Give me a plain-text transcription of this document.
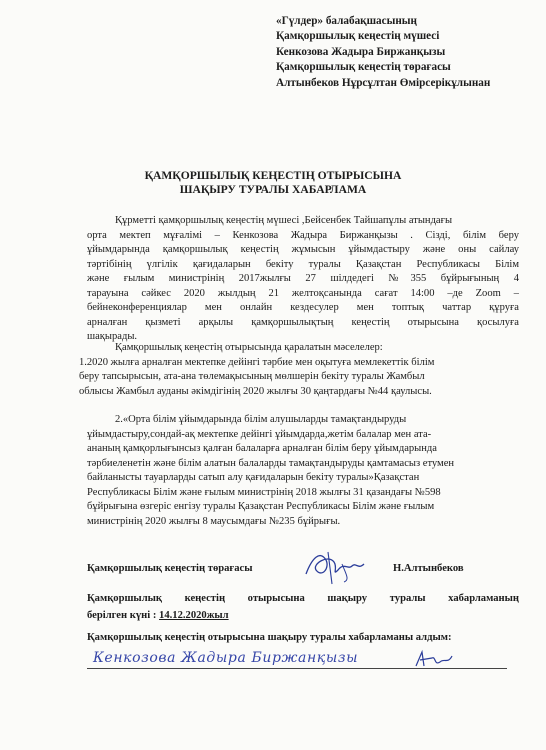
«Гүлдер» балабақшасының
Қамқоршылық кеңестің мүшесі
Кенкозова Жадыра Биржанқызы
Қамқоршылық кеңестің төрағасы
Алтынбеков Нұрсұлтан Өмірсерікұлынан
ҚАМҚОРШЫЛЫҚ КЕҢЕСТІҢ ОТЫРЫСЫНА
ШАҚЫРУ ТУРАЛЫ ХАБАРЛАМА
Құрметті қамқоршылық кеңестің мүшесі ,Бейсенбек Тайшапұлы атындағы
орта мектеп мұғалімі – Кенкозова Жадыра Биржанқызы . Сіздi, бiлiм беру
ұйымдарында қамқоршылық кеңестің жұмысын ұйымдастыру және оны сайлау
тәртiбiнiң үлгiлiк қағидаларын бекіту туралы Қазақстан Республикасы Бiлiм
және ғылым министрiнiң 2017жылғы 27 шiлдедегi №355 бұйрығының 4
тарауына сәйкес 2020 жылдың 21 желтоқсанында сағат 14:00 –де Zoom –
бейнеконференциялар мен онлайн кездесулер мен топтық чаттар құруға
арналған қызметі арқылы қамқоршылықтың кеңестің отырысына қосылуға
шақырады.
Қамқоршылық кеңестің отырысында қаралатын мәселелер:
1.2020 жылға арналған мектепке дейінгі тәрбие мен оқытуға мемлекеттік білім
беру тапсырысын, ата-ана төлемақысының мөлшерін бекіту туралы Жамбыл
облысы Жамбыл ауданы әкімдігінің 2020 жылғы 30 қаңтардағы №44 қаулысы.
2.«Орта білім ұйымдарында білім алушыларды тамақтандыруды
ұйымдастыру,сондай-ақ мектепке дейінгі ұйымдарда,жетім балалар мен ата-
ананың қамқорлығынсыз қалған балаларға арналған білім беру ұйымдарында
тәрбиеленетін және білім алатын балаларды тамақтандыруды қамтамасыз етумен
байланысты тауарларды сатып алу қағидаларын бекіту туралы»Қазақстан
Республикасы Білім және ғылым министрінің 2018 жылғы 31 қазандағы №598
бұйрығына өзгеріс енгізу туралы Қазақстан Республикасы Білім және ғылым
министрінің 2020 жылғы 8 маусымдағы №235 бұйрығы.
Қамқоршылық кеңестің төрағасы	Н.Алтынбеков
Қамқоршылық кеңестің отырысына шақыру туралы хабарламаның
берілген күні : 14.12.2020жыл
Қамқоршылық кеңестің отырысына шақыру туралы хабарламаны алдым:
Кенкозова Жадыра Биржанқызы
